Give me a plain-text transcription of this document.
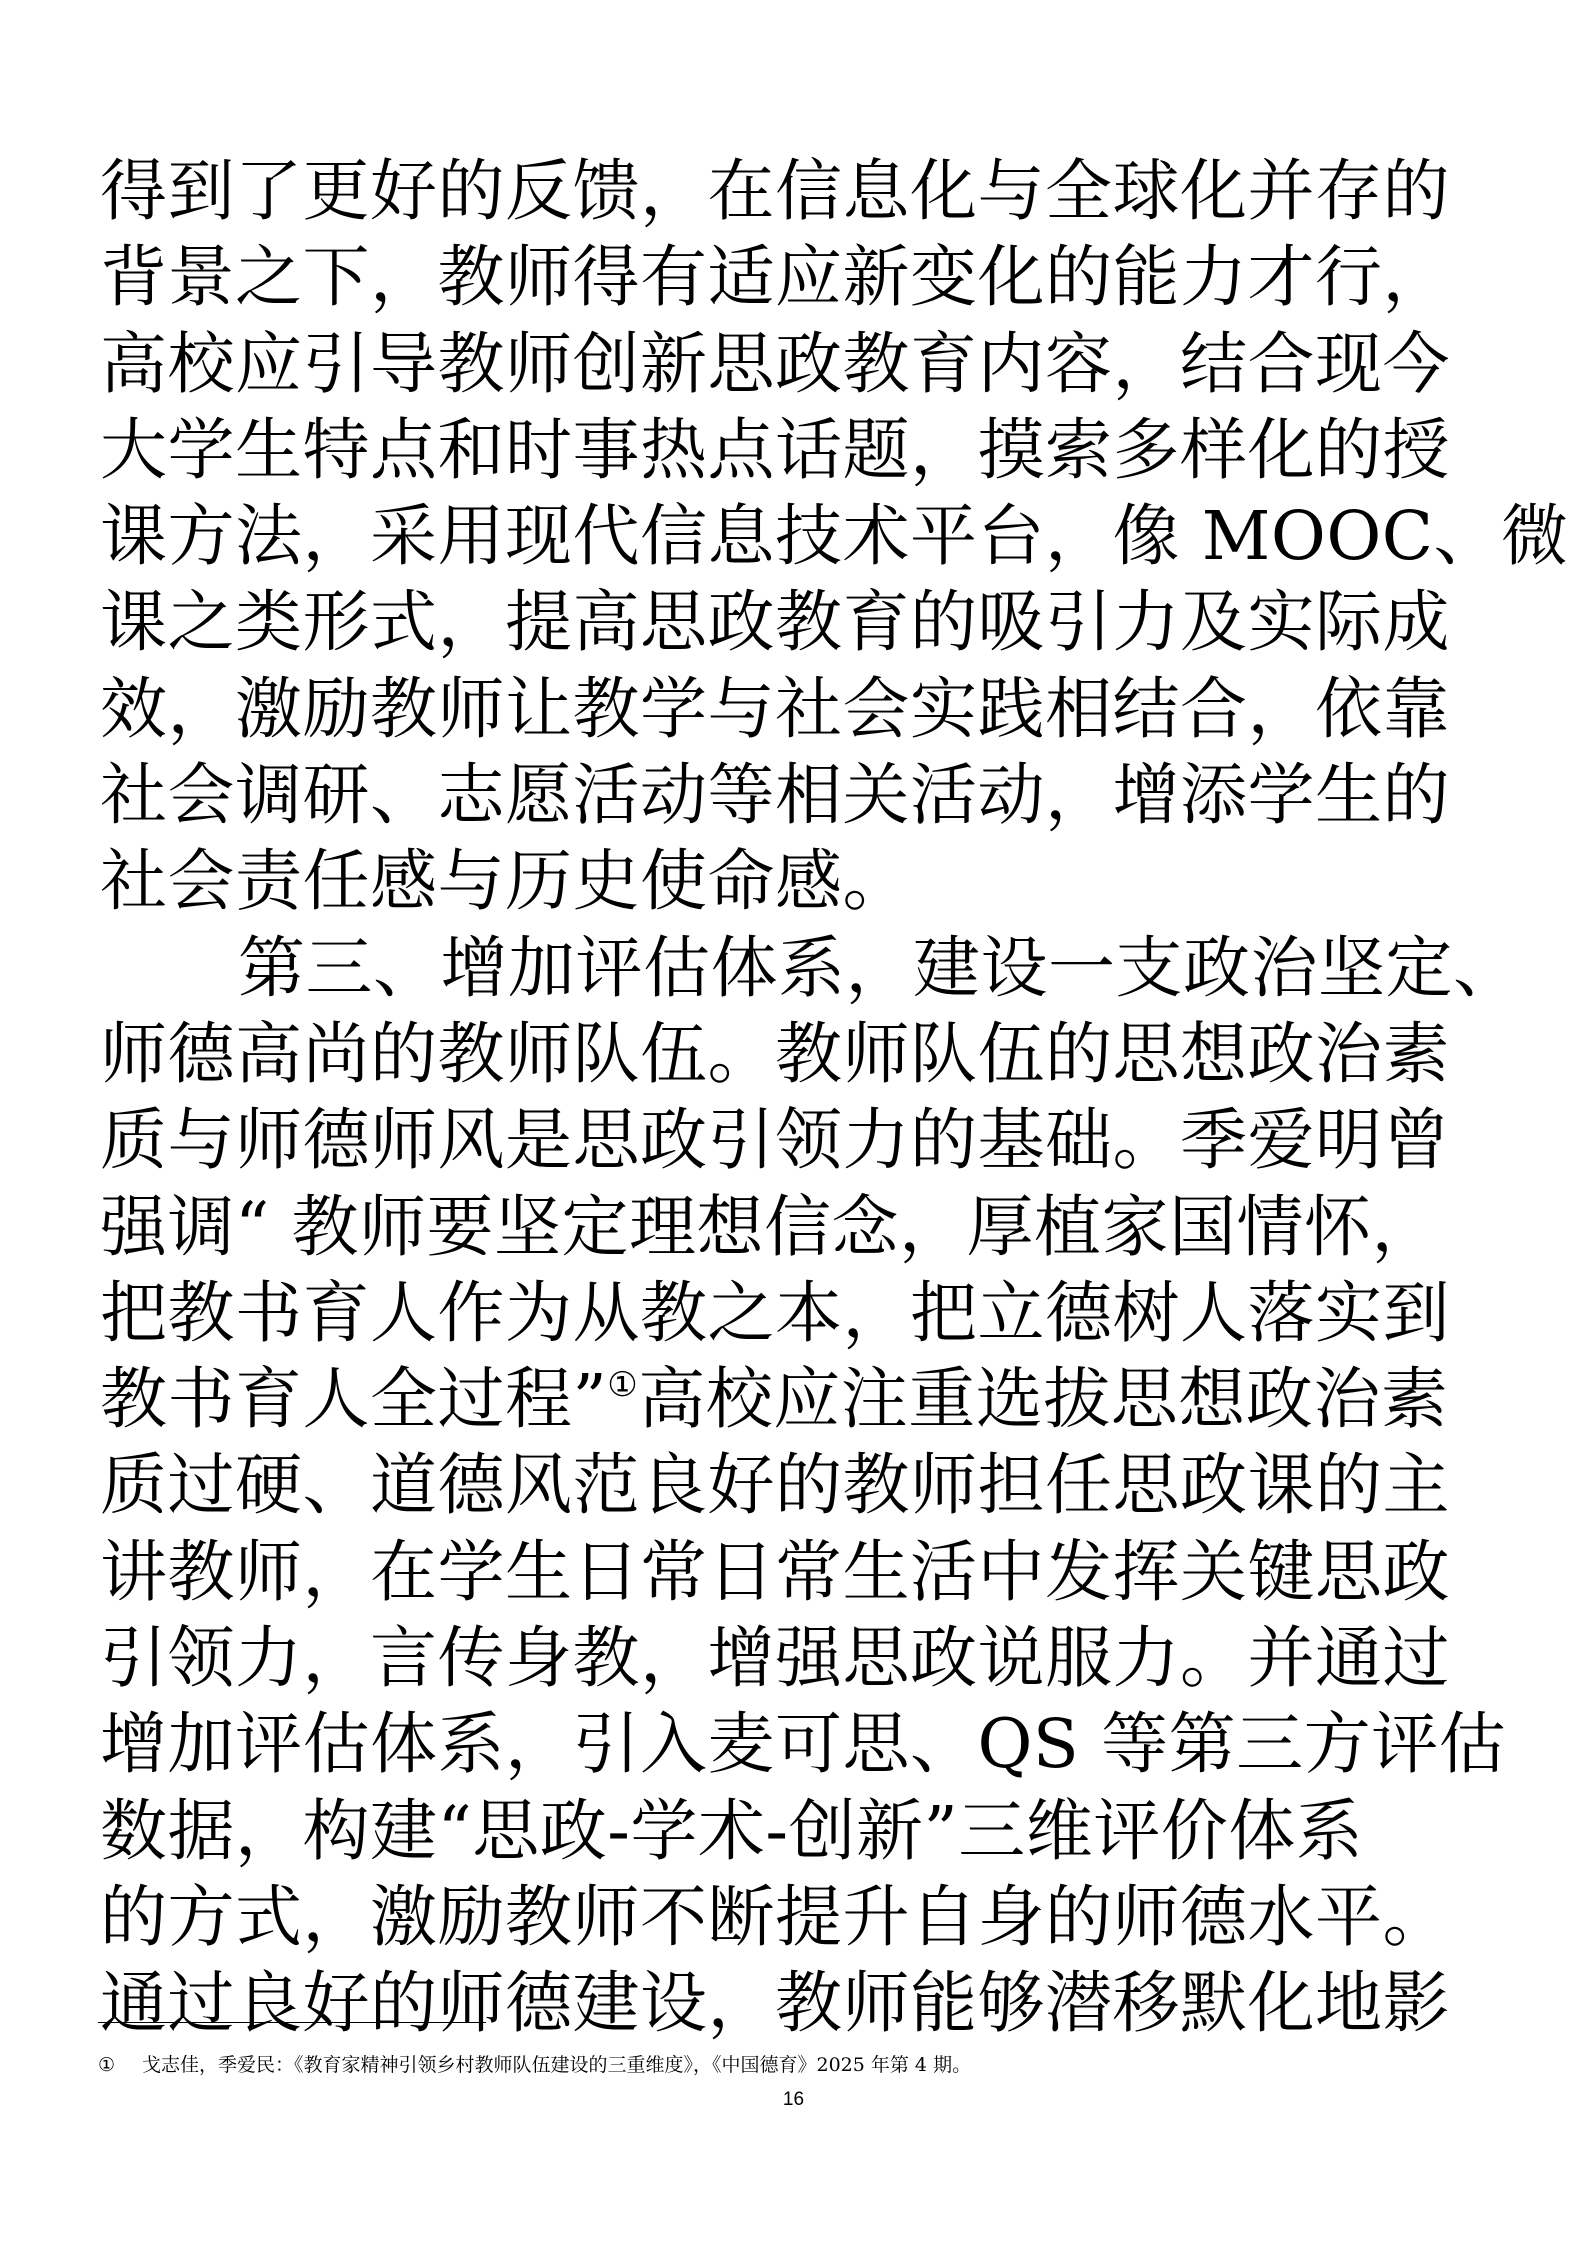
得到了更好的反馈，在信息化与全球化并存的
背景之下，教师得有适应新变化的能力才行，
高校应引导教师创新思政教育内容，结合现今
大学生特点和时事热点话题，摸索多样化的授
课方法，采用现代信息技术平台，像 MOOC、微
课之类形式，提高思政教育的吸引力及实际成
效，激励教师让教学与社会实践相结合，依靠
社会调研、志愿活动等相关活动，增添学生的
社会责任感与历史使命感。
第三、增加评估体系，建设一支政治坚定、
师德高尚的教师队伍。教师队伍的思想政治素
质与师德师风是思政引领力的基础。季爱明曾
强调“ 教师要坚定理想信念，厚植家国情怀，
把教书育人作为从教之本，把立德树人落实到
教书育人全过程”①高校应注重选拔思想政治素
质过硬、道德风范良好的教师担任思政课的主
讲教师，在学生日常日常生活中发挥关键思政
引领力，言传身教，增强思政说服力。并通过
增加评估体系，引入麦可思、QS 等第三方评估
数据，构建“思政-学术-创新”三维评价体系
的方式，激励教师不断提升自身的师德水平。
通过良好的师德建设，教师能够潜移默化地影
① 戈志佳，季爱民：《教育家精神引领乡村教师队伍建设的三重维度》，《中国德育》2025 年第 4 期。
16
